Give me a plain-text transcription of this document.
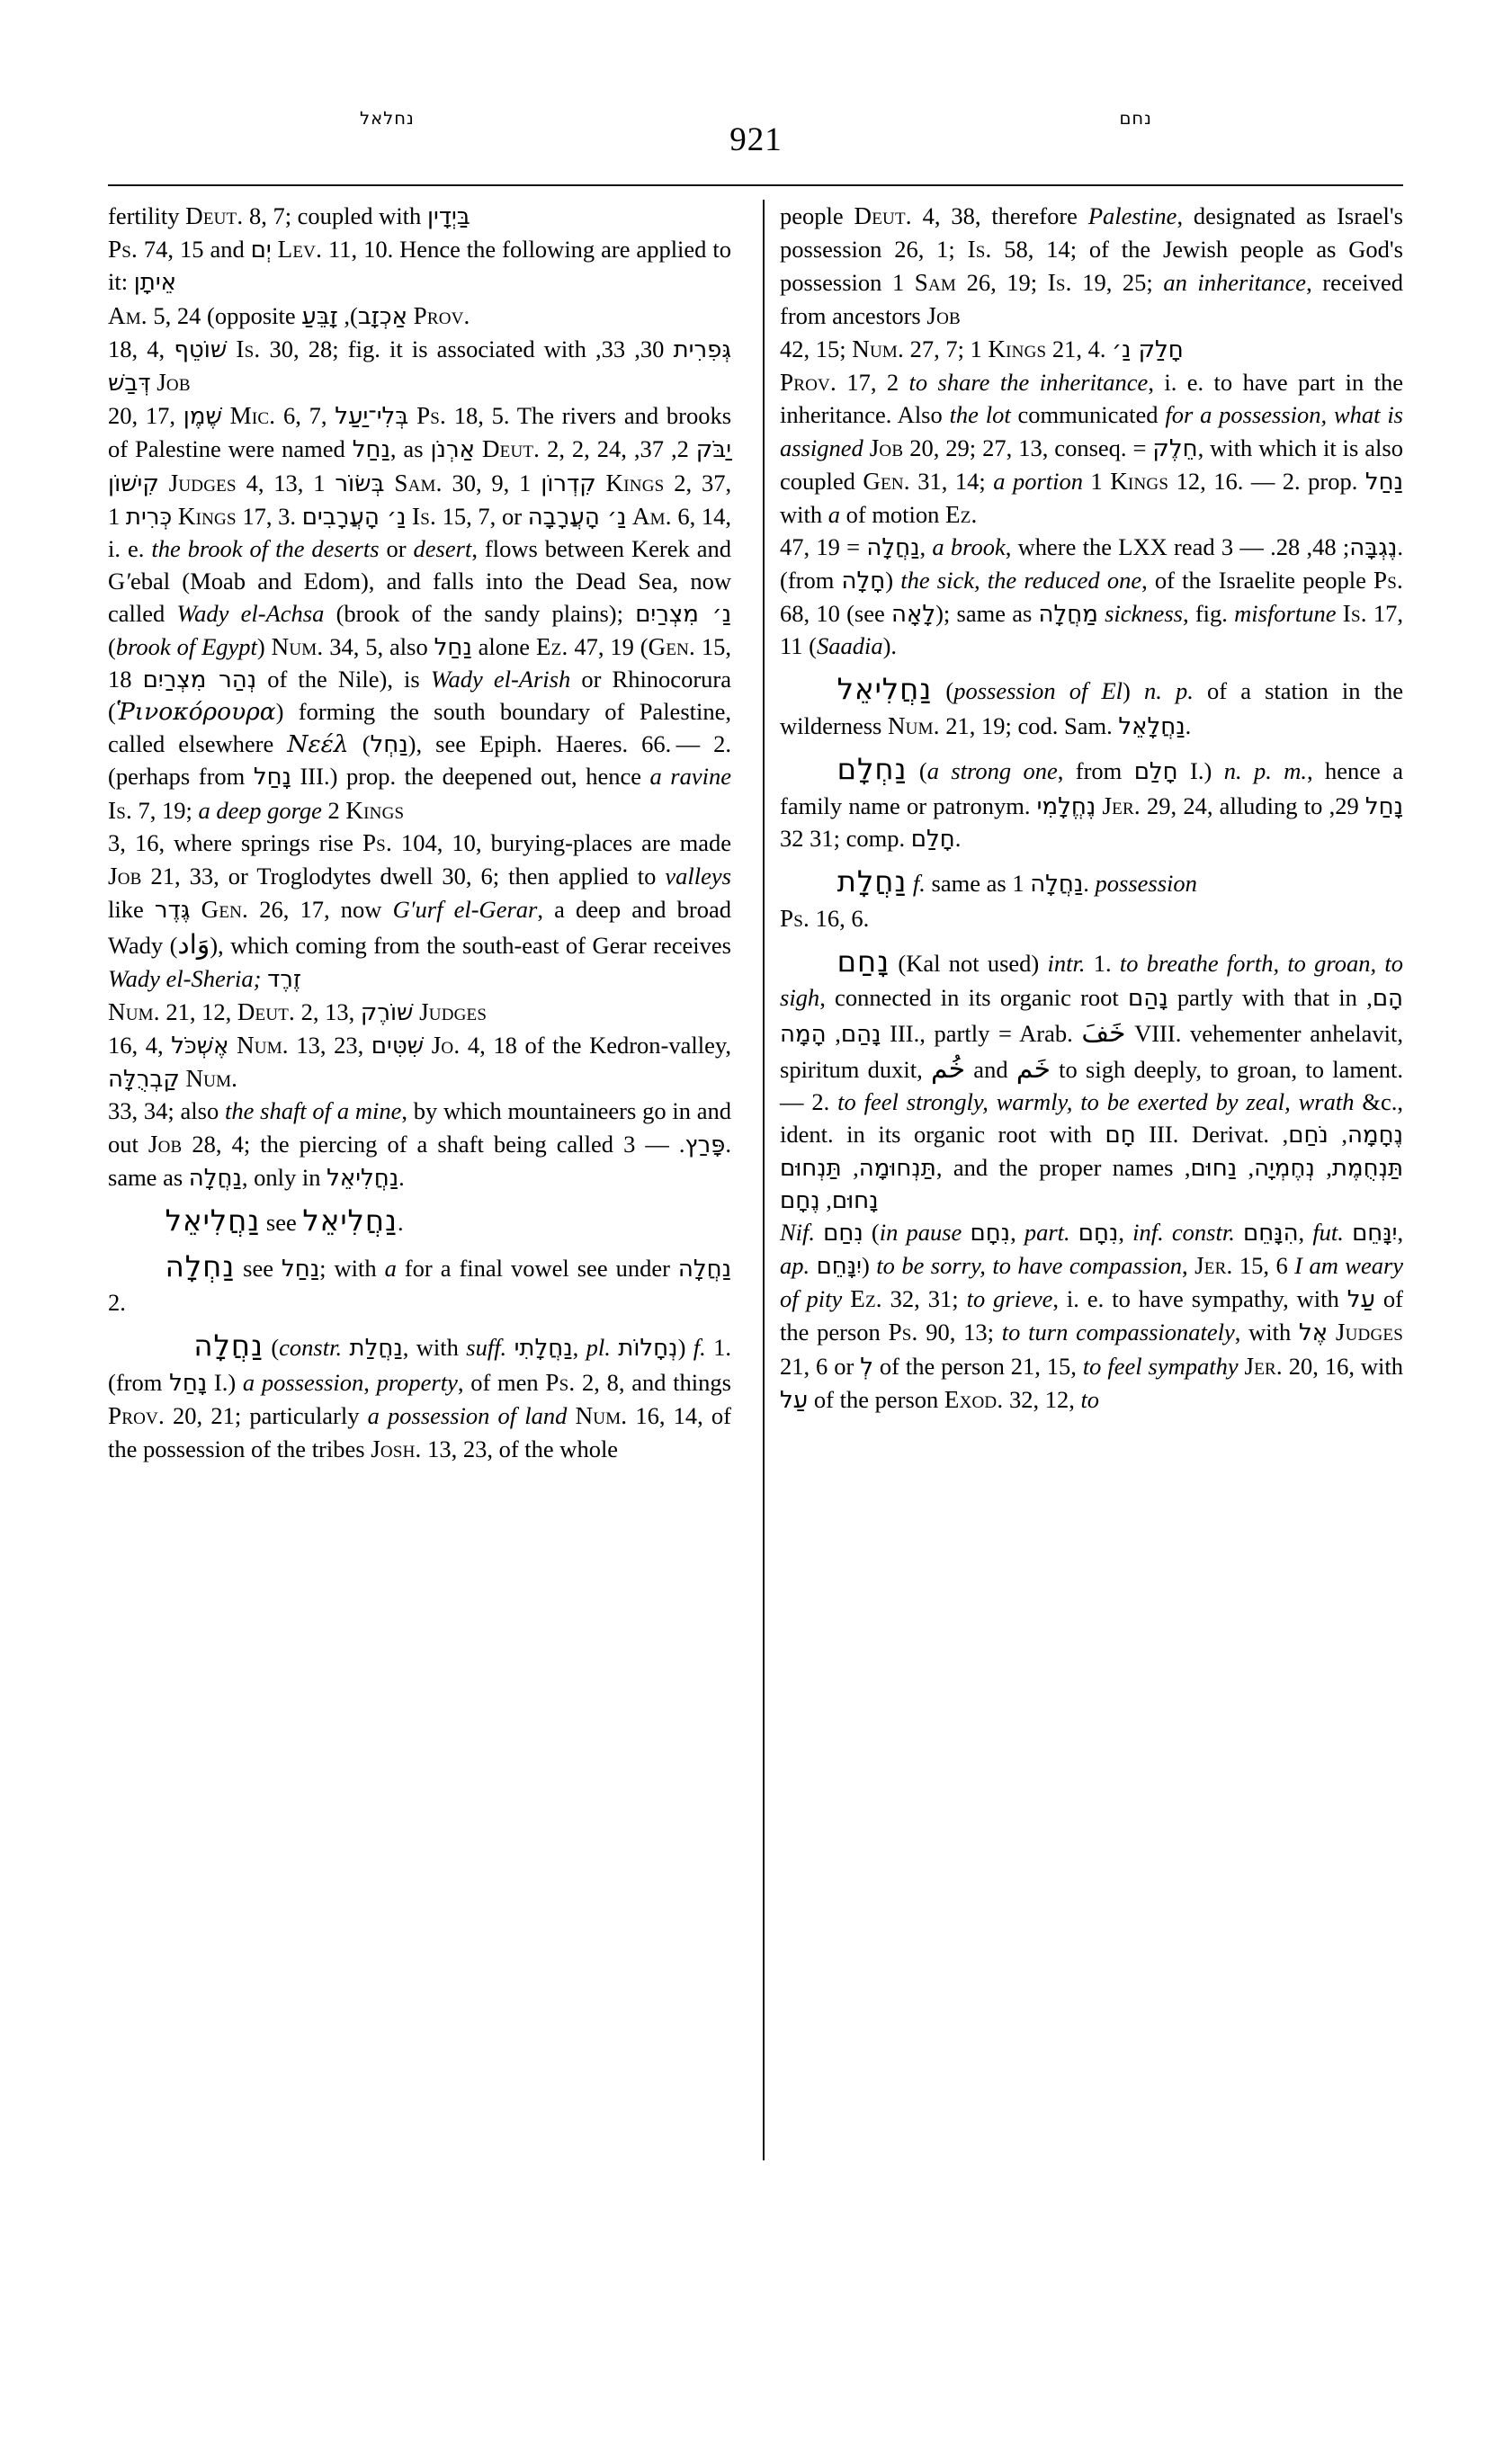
נחלאל
921
נחם

fertility Deut. 8, 7; coupled with בַּיְדָין
Ps. 74, 15 and יְם Lev. 11, 10. Hence the following are applied to it: אֵיתָן
Am. 5, 24 (opposite אַכְזָב), זָבֵּעַ	Prov.
18, 4, שׁוֹטֵף Is. 30, 28; fig. it is associated with	גְּפִרִית 30, 33, דְּבַשׁ Job
20, 17, שֶׁמֶן Mic. 6, 7, בְּלִי־יַעַל Ps. 18, 5. The rivers and brooks of Palestine were named נַחַל, as אַרְנֹן Deut. 2, 2, 24,	יַבֹּק 2, 37, קִישׁוֹן Judges 4, 13, בְּשׂוֹר 1 Sam. 30, 9, קִדְרוֹן 1 Kings 2, 37, כְּרִית 1 Kings 17, 3. נַ׳ הָעֲרָבִים Is. 15, 7, or נַ׳ הָעֲרָבָה Am. 6, 14, i. e. the brook of the deserts or desert, flows between Kerek and G′ebal (Moab and Edom), and falls into the Dead Sea, now called Wady el-Achsa (brook of the sandy plains); נַ׳ מִצְרַיִם (brook of Egypt) Num. 34, 5, also נַחַל alone Ez. 47, 19 (Gen. 15, 18 נְהַר מִצְרַיִם of the Nile), is Wady el-Arish or Rhinocorura (Ῥινοκόρουρα) forming the south boundary of Palestine, called elsewhere Νεέλ (נַחְל), see Epiph. Haeres. 66. — 2. (perhaps from נָחַל III.) prop. the deepened out, hence a ravine Is. 7, 19; a deep gorge 2 Kings
3, 16, where springs rise Ps. 104, 10, burying-places are made Job 21, 33, or Troglodytes dwell 30, 6; then applied to valleys like גֶּדֶר Gen. 26, 17, now G′urf el-Gerar, a deep and broad Wady (وَاد), which coming from the south-east of Gerar receives Wady el-Sheria; זֶרֶד
Num. 21, 12, Deut. 2, 13, שׁוֹרֶק Judges
16, 4, אֶשְׁכֹּל Num. 13, 23, שִׁטִּים Jo. 4, 18 of the Kedron-valley, קַבְרֻלָּה Num.
33, 34; also the shaft of a mine, by which mountaineers go in and out Job 28, 4; the piercing of a shaft being called	פָּרַץ. — 3. same as נַחֲלָה, only in נַחֲלִיאֵל.

נַחֲלִיאֵל see נַחֲלִיאֵל.

נַחְלָה see נַחַל; with a for a final vowel see under נַחֲלָה 2.

נַחֲלָה (constr. נַחֲלַת, with suff. נַחֲלָתִי, pl. נְחָלוֹת) f. 1. (from נָחַל I.) a possession, property, of men Ps. 2, 8, and things Prov. 20, 21; particularly a possession of land Num. 16, 14, of the possession of the tribes Josh. 13, 23, of the whole

people Deut. 4, 38, therefore Palestine, designated as Israel's possession 26, 1; Is. 58, 14; of the Jewish people as God's possession 1 Sam 26, 19; Is. 19, 25; an inheritance, received from ancestors Job
42, 15; Num. 27, 7; 1 Kings 21, 4. חָלַק נַ׳
Prov. 17, 2 to share the inheritance, i. e. to have part in the inheritance. Also the lot communicated for a possession, what is assigned Job 20, 29; 27, 13, conseq. = חֵלֶק, with which it is also coupled Gen. 31, 14; a portion 1 Kings 12, 16. — 2. prop. נַחַל with a of motion Ez.
47, 19 = נַחֲלָה, a brook, where the LXX read	נֶגְבָּה; 48, 28. — 3. (from חָלָה) the sick, the reduced one, of the Israelite people Ps. 68, 10 (see לָאָה); same as מַחֲלָה sickness, fig. misfortune Is. 17, 11 (Saadia).

נַחֲלִיאֵל (possession of El) n. p. of a station in the wilderness Num. 21, 19; cod. Sam. נַחֲלָאֵל.

נַחְלָם (a strong one, from חָלַם I.) n. p. m., hence a family name or patronym. נֶחֱלָמִי Jer. 29, 24, alluding to נָחַל 29, 31 32; comp. חָלַם.

נַחֲלָת f. same as נַחֲלָה 1. possession
Ps. 16, 6.

נָחַם (Kal not used) intr. 1. to breathe forth, to groan, to sigh, connected in its organic root נָהַם partly with that in הָם, נָהַם, הָמָה III., partly = Arab. خَفَ VIII. vehementer anhelavit, spiritum duxit, خُم and خَم to sigh deeply, to groan, to lament. — 2. to feel strongly, warmly, to be exerted by zeal, wrath &c., ident. in its organic root with חָם III. Derivat.	נֶחָמָה, נֹחַם, תַּנְחוּמָה, תַּנְחוּם	, and the proper names	תַּנְחֻמֶת, נְחֶמְיָה, נַחוּם, נָחוּם, נֶחָם
Nif. נִחַם (in pause נִחָם, part. נִחָם, inf. constr. הִנָּחֵם, fut. יִנָּחֵם, ap. יִנָּחֵם) to be sorry, to have compassion, Jer. 15, 6 I am weary of pity Ez. 32, 31; to grieve, i. e. to have sympathy, with עַל of the person Ps. 90, 13; to turn compassionately, with אֶל Judges 21, 6 or לְ of the person 21, 15, to feel sympathy Jer. 20, 16, with עַל of the person Exod. 32, 12, to
